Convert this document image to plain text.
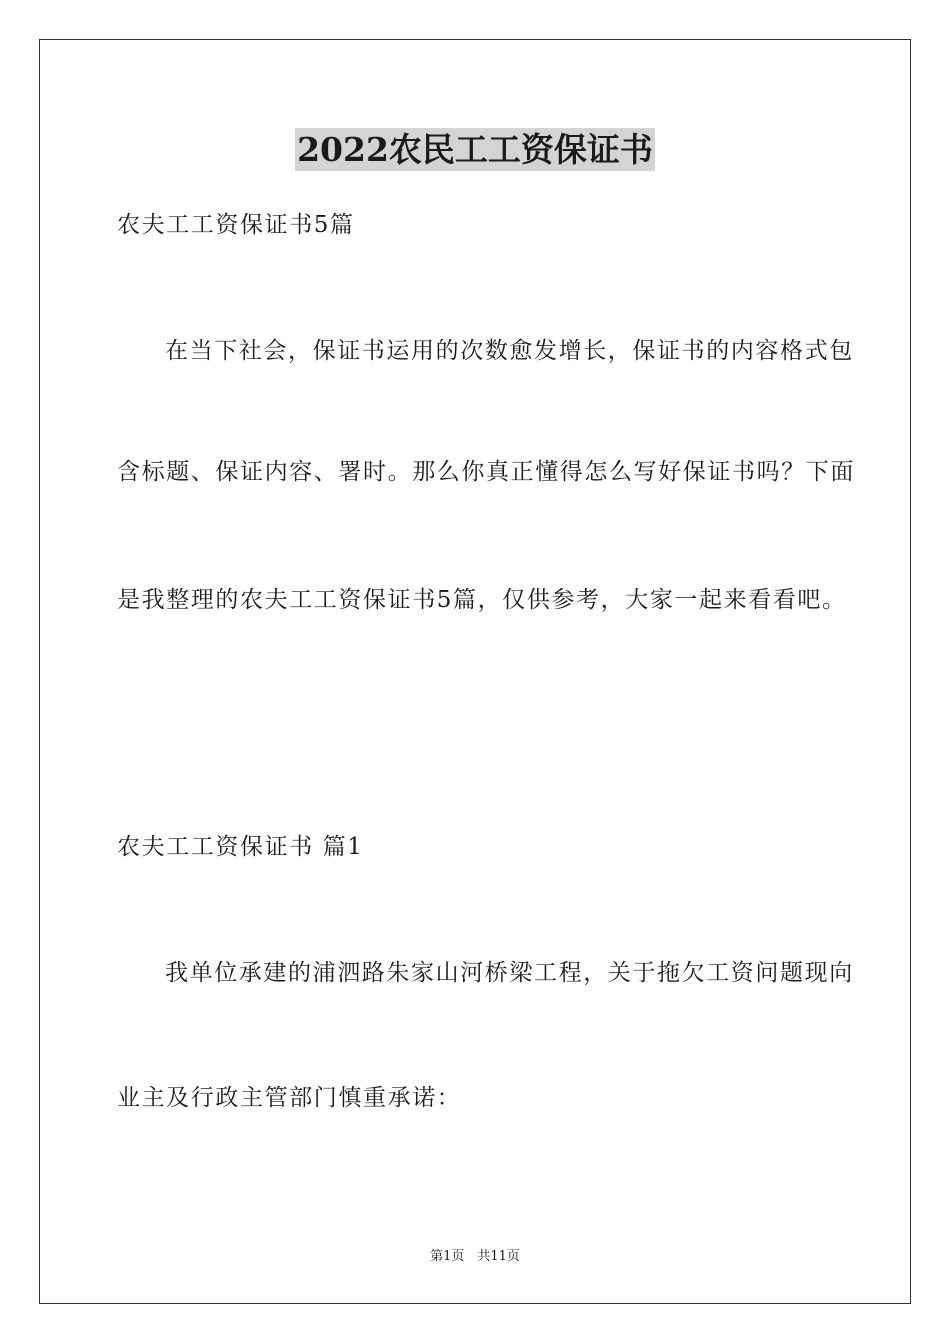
2022农民工工资保证书
农夫工工资保证书5篇
在当下社会，保证书运用的次数愈发增长，保证书的内容格式包
含标题、保证内容、署时。那么你真正懂得怎么写好保证书吗？下面
是我整理的农夫工工资保证书5篇，仅供参考，大家一起来看看吧。
农夫工工资保证书 篇1
我单位承建的浦泗路朱家山河桥梁工程，关于拖欠工资问题现向
业主及行政主管部门慎重承诺：
第1页　共11页
